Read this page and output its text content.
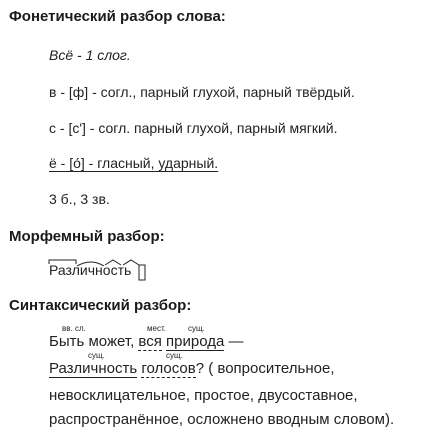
Фонетический разбор слова:
Всё - 1 слог.
в - [ф] - согл., парный глухой, парный твёрдый.
с - [с'] - согл. парный глухой, парный мягкий.
ё - [о́] - гласный, ударный.
3 б., 3 зв.
Морфемный разбор:
Различность
Синтаксический разбор:
вв. сл.	мест.	сущ.
Быть может, вся природа —
сущ.	сущ.
Различность голосов? ( вопросительное,
невосклицательное, простое, двусоставное,
распространённое, осложнено вводным словом).
